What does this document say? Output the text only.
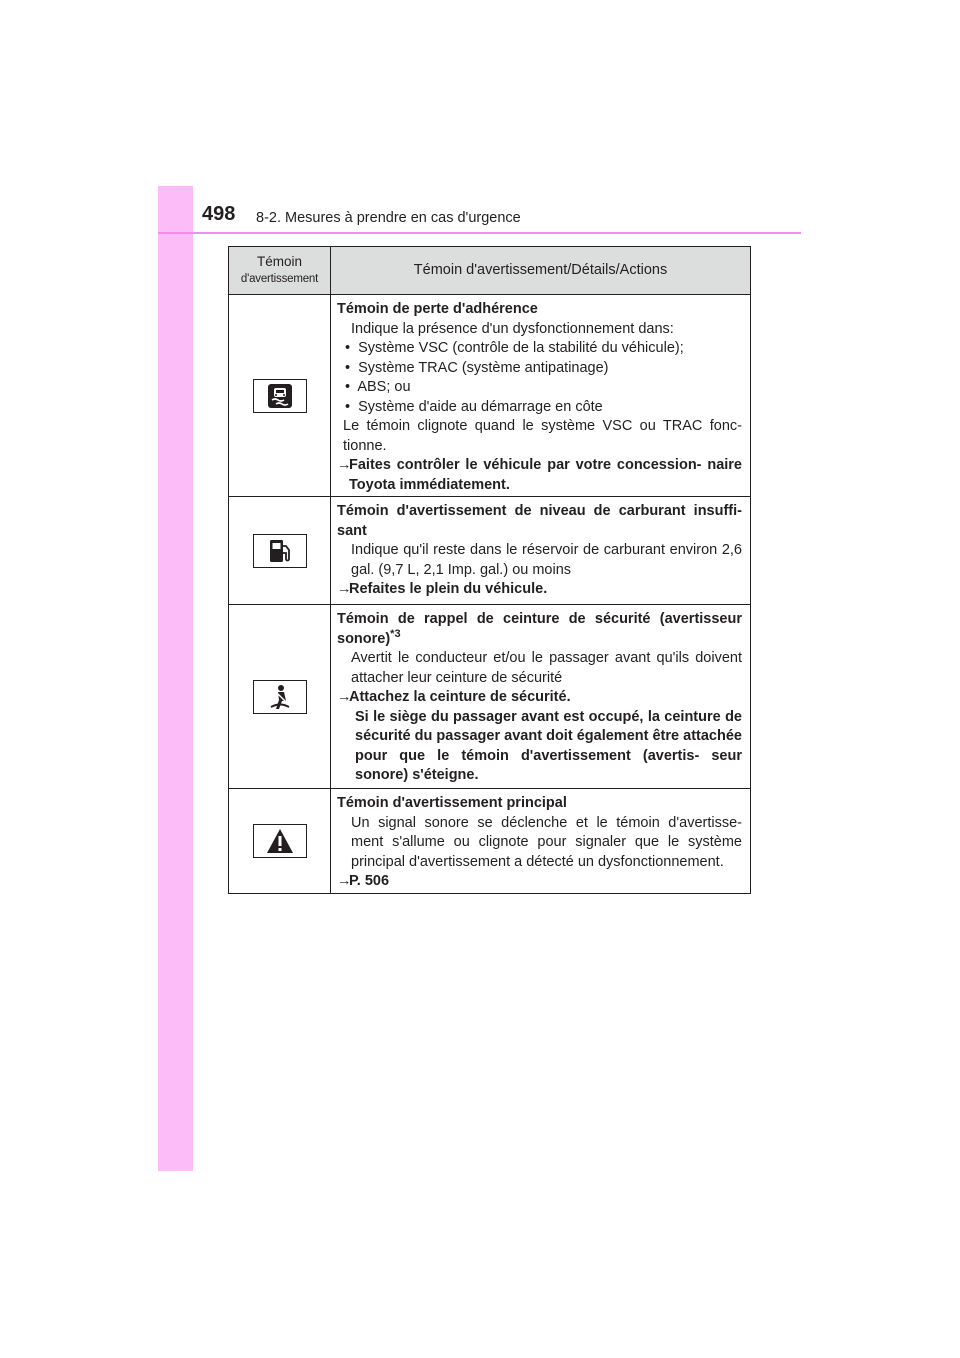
498 8-2. Mesures à prendre en cas d'urgence
Témoin
d'avertissement
Témoin d'avertissement/Détails/Actions
Témoin de perte d'adhérence
Indique la présence d'un dysfonctionnement dans:
• Système VSC (contrôle de la stabilité du véhicule);
• Système TRAC (système antipatinage)
• ABS; ou
• Système d'aide au démarrage en côte
Le témoin clignote quand le système VSC ou TRAC fonc- tionne.
→
Faites contrôler le véhicule par votre concession- naire Toyota immédiatement.
Témoin d'avertissement de niveau de carburant insuffi- sant
Indique qu'il reste dans le réservoir de carburant environ 2,6 gal. (9,7 L, 2,1 Imp. gal.) ou moins
→
Refaites le plein du véhicule.
Témoin de rappel de ceinture de sécurité (avertisseur sonore)$^{*3}$
Avertit le conducteur et/ou le passager avant qu'ils doivent attacher leur ceinture de sécurité
→
Attachez la ceinture de sécurité.
Si le siège du passager avant est occupé, la ceinture de sécurité du passager avant doit également être attachée pour que le témoin d'avertissement (avertis- seur sonore) s'éteigne.
Témoin d'avertissement principal
Un signal sonore se déclenche et le témoin d'avertisse- ment s'allume ou clignote pour signaler que le système principal d'avertissement a détecté un dysfonctionnement.
→
P. 506
